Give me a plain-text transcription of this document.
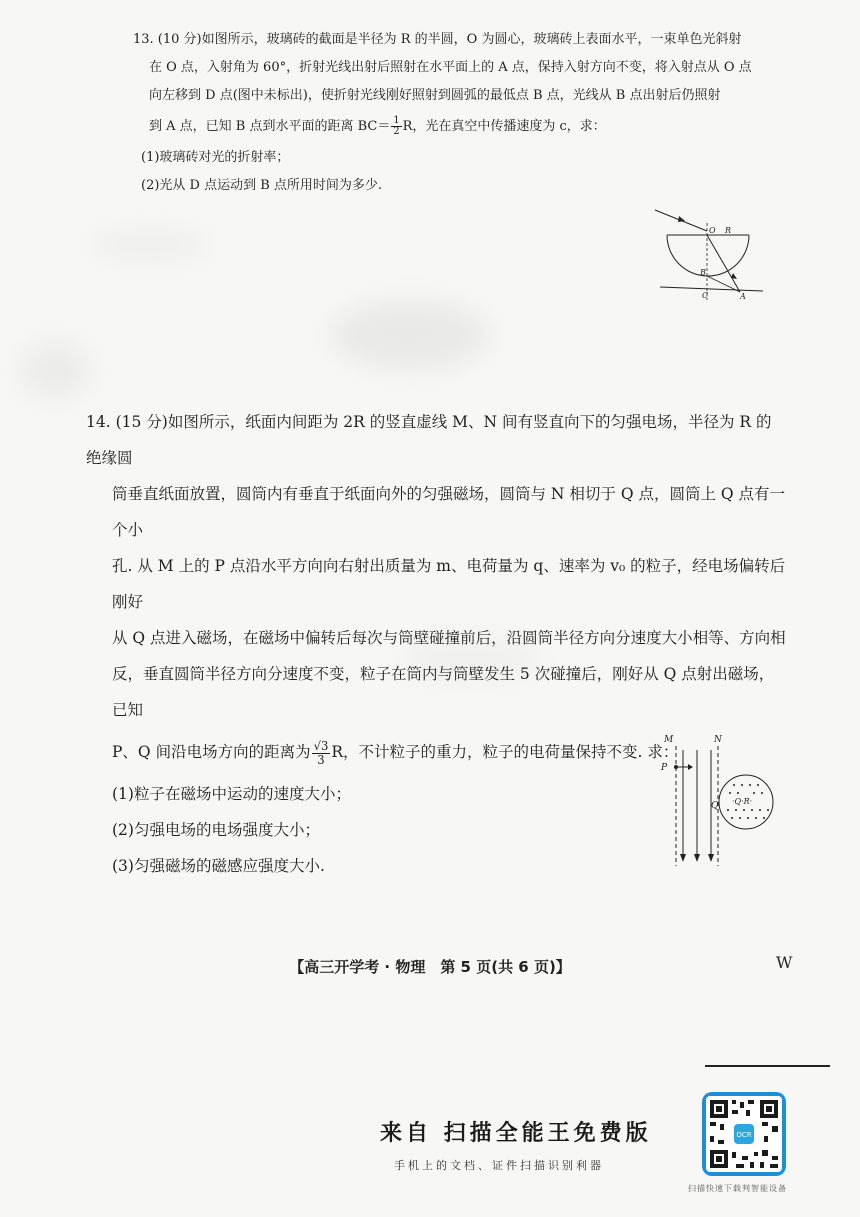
13. (10 分)如图所示，玻璃砖的截面是半径为 R 的半圆，O 为圆心，玻璃砖上表面水平，一束单色光斜射
在 O 点，入射角为 60°，折射光线出射后照射在水平面上的 A 点，保持入射方向不变，将入射点从 O 点
向左移到 D 点(图中未标出)，使折射光线刚好照射到圆弧的最低点 B 点，光线从 B 点出射后仍照射
到 A 点，已知 B 点到水平面的距离 $BC= \frac{1}{2}$ R，光在真空中传播速度为 c，求：
(1)玻璃砖对光的折射率；
(2)光从 D 点运动到 B 点所用时间为多少.
O R
B
C	A
14. (15 分)如图所示，纸面内间距为 2R 的竖直虚线 M、N 间有竖直向下的匀强电场，半径为 R 的绝缘圆
筒垂直纸面放置，圆筒内有垂直于纸面向外的匀强磁场，圆筒与 N 相切于 Q 点，圆筒上 Q 点有一个小
孔. 从 M 上的 P 点沿水平方向向右射出质量为 m、电荷量为 q、速率为 v₀ 的粒子，经电场偏转后刚好
从 Q 点进入磁场，在磁场中偏转后每次与筒壁碰撞前后，沿圆筒半径方向分速度大小相等、方向相
反，垂直圆筒半径方向分速度不变，粒子在筒内与筒壁发生 5 次碰撞后，刚好从 Q 点射出磁场，已知
P、Q 间沿电场方向的距离为 $\frac{√3}{3}$ R，不计粒子的重力，粒子的电荷量保持不变. 求：
(1)粒子在磁场中运动的速度大小；
(2)匀强电场的电场强度大小；
(3)匀强磁场的磁感应强度大小.
M	N
P
·Q·R·
Q
【高三开学考 · 物理　第 5 页(共 6 页)】	W
来自 扫描全能王免费版
手机上的文档、证件扫描识别利器
OCR
扫描快速下载判智能设备
